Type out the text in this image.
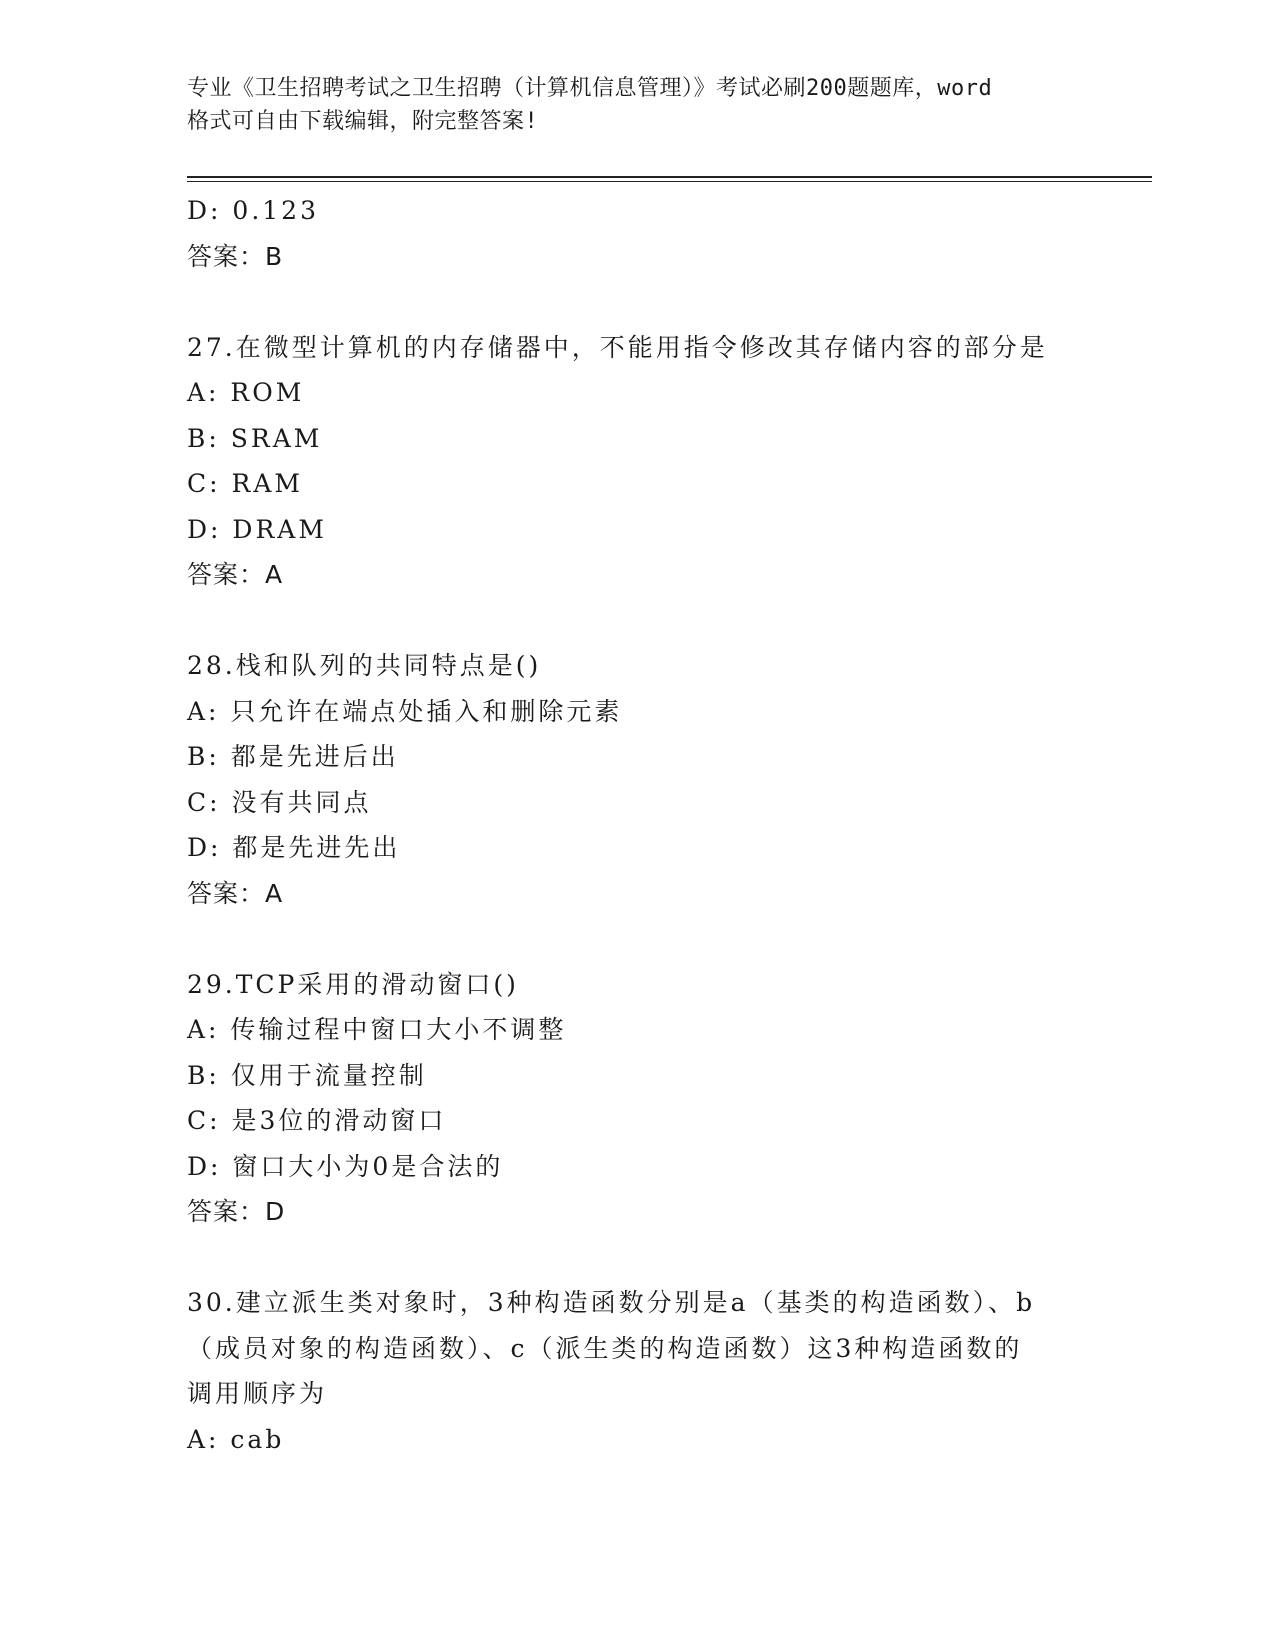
专业《卫生招聘考试之卫生招聘（计算机信息管理）》考试必刷200题题库，word
格式可自由下载编辑，附完整答案!
D: 0.123
答案：B
27.在微型计算机的内存储器中，不能用指令修改其存储内容的部分是
A: ROM
B: SRAM
C: RAM
D: DRAM
答案：A
28.栈和队列的共同特点是()
A: 只允许在端点处插入和删除元素
B: 都是先进后出
C: 没有共同点
D: 都是先进先出
答案：A
29.TCP采用的滑动窗口()
A: 传输过程中窗口大小不调整
B: 仅用于流量控制
C: 是3位的滑动窗口
D: 窗口大小为0是合法的
答案：D
30.建立派生类对象时，3种构造函数分别是a（基类的构造函数）、b
（成员对象的构造函数）、c（派生类的构造函数）这3种构造函数的
调用顺序为
A: cab
